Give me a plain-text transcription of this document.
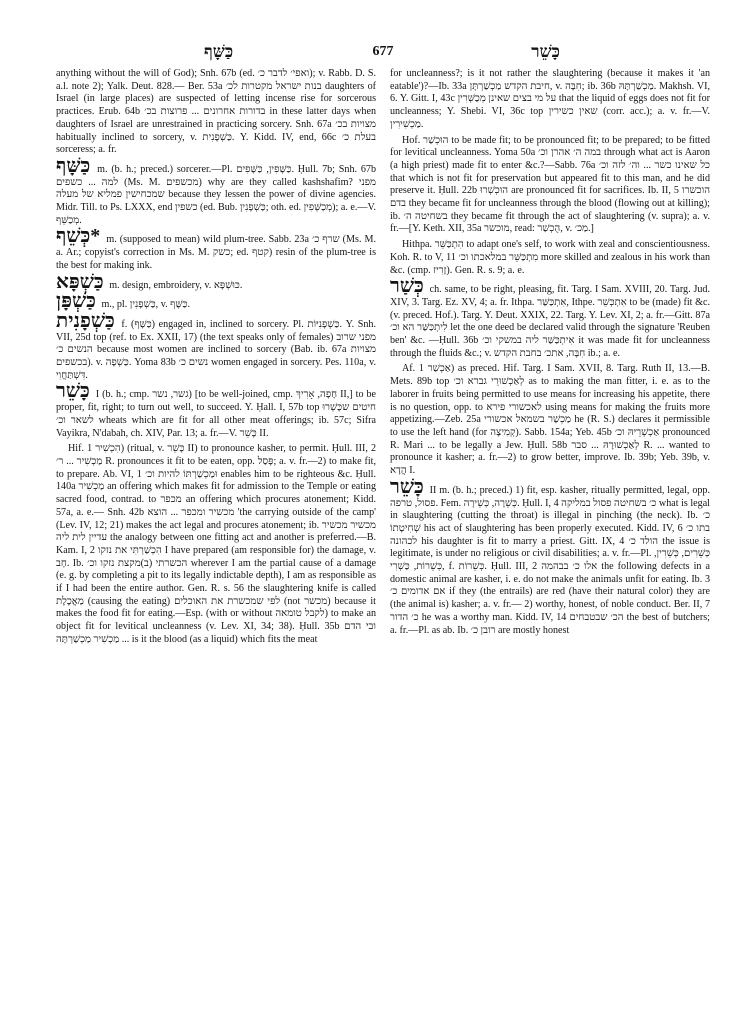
כַּשָּׁף	677	כָּשֵׁר

anything without the will of God); Snh. 67b (ed. ואפי׳ לדבר כ׳); v. Rabb. D. S. a.l. note 2); Yalk. Deut. 828.— Ber. 53a בנות ישראל מקטרות לכ׳ daughters of Israel (in large places) are suspected of letting incense rise for sorcerous practices. Erub. 64b בדורות אחרונים ... פרוצות בכ׳ in these latter days when daughters of Israel are unrestrained in practicing sorcery. Snh. 67a מצויות בכ׳ habitually inclined to sorcery, v. כַּשְׁפָנִית. Y. Kidd. IV, end, 66c בעלת כ׳ sorceress; a. fr.

כַּשָּׁף m. (b. h.; preced.) sorcerer.—Pl. כַּשָּׁפִין, כַּשָּׁפִים. Ḥull. 7b; Snh. 67b למה ... כשפים (Ms. M. מכשפים) why are they called kashshafim? מפני שמכחישין פמליא של מעלה because they lessen the power of divine agencies. Midr. Till. to Ps. LXXX, end כשפין (ed. Bub. כַּשְׁפָנִין; oth. ed. מְכַשְּׁפִין); a. e.—V. מְכַשֵּׁף.

*כְּשֵׁף m. (supposed to mean) wild plum-tree. Sabb. 23a שרף כ׳ (Ms. M. a. Ar.; copyist's correction in Ms. M. כשק; ed. קטף) resin of the plum-tree is the best for making ink.

כַּשְׁפָּא m. design, embroidery, v. כּוּשְׁפָּא.

כַּשְׁפָּן m., pl. כַּשְׁפָנִין, v. כַּשָּׁף.

כַּשְׁפָנִית f. (כַּשָּׁף) engaged in, inclined to sorcery. Pl. כַּשְׁפָנִיּוֹת. Y. Snh. VII, 25d top (ref. to Ex. XXII, 17) (the text speaks only of females) מפני שרוב הנשים כ׳ because most women are inclined to sorcery (Bab. ib. 67a מצויות בכשפים). v. כַּשְׁפָה. Yoma 83b נשים כ׳ women engaged in sorcery. Pes. 110a, v. דִּשְׁתַּחֲוִי.

כָּשֵׁר I (b. h.; cmp. גשר, נשר) [to be well-joined, cmp. חָפָה, אָרִיךְ II,] to be proper, fit, right; to turn out well, to succeed. Y. Ḥall. I, 57b top חיטים שכָּשְׁרוּ לשאר וכ׳ wheats which are fit for all other meat offerings; ib. 57c; Sifra Vayikra, N'dabah, ch. XIV, Par. 13; a. fr.—V. כָּשֵׁר II.

Hif. הִכְשִׁיר 1) (ritual, v. כָּשֵׁר II) to pronounce kasher, to permit. Ḥull. III, 2 מַכְשִׁיר ... ר׳ R. pronounces it fit to be eaten, opp. פָּסַל; a. v. fr.—2) to make fit, to prepare. Ab. VI, 1 וּמַכְשַׁרְתּוֹ להיות וכ׳ enables him to be righteous &c. Ḥull. 140a מַכְשִׁיר an offering which makes fit for admission to the Temple or eating sacred food, contrad. to מכפר an offering which procures atonement; Kidd. 57a, a. e.— Snh. 42b מכשיר ומכפר ... הוצא 'the carrying outside of the camp' (Lev. IV, 12; 21) makes the act legal and procures atonement; ib. מכשיר מכשיר עדיין לית ליה the analogy between one fitting act and another is preferred.—B. Kam. I, 2 הִכְשַׁרְתִּי את נזקו I have prepared (am responsible for) the damage, v. חָב. Ib. הכשרתי (ב)מקצת נזקו וכ׳ wherever I am the partial cause of a damage (e. g. by completing a pit to its legally indictable depth), I am as responsible as if I had been the entire author. Gen. R. s. 56 the slaughtering knife is called מַאֲכֶלֶת (causing the eating) לפי שמכשרת את האוכלים (not מכשר) because it makes the food fit for eating.—Esp. (with or without לקבל טומאה) to make an object fit for levitical uncleanness (v. Lev. XI, 34; 38). Ḥull. 35b ובי הדם מַכְשִׁיר מַכְשַׁרְתָּה ... is it the blood (as a liquid) which fits the meat

for uncleanness?; is it not rather the slaughtering (because it makes it 'an eatable')?—Ib. 33a חיבת הקדש מַכְשַׁרְתָּן, v. חִבָּה; ib. 36b מַכְשַׁרְתָּהּ. Makhsh. VI, 6. Y. Gitt. I, 43c על מי בצים שאינן מְכַשְּׁרִין that the liquid of eggs does not fit for uncleanness; Y. Shebi. VI, 36c top שאין כשירין (corr. acc.); a. v. fr.—V. מַכְשִׁירִין.

Hof. הוּכְשַׁר to be made fit; to be pronounced fit; to be prepared; to be fitted for levitical uncleanness. Yoma 50a במה ה׳ אהרן וכ׳ through what act is Aaron (a high priest) made fit to enter &c.?—Sabb. 76a כל שאינו כשר ... וה׳ לזה וכ׳ that which is not fit for preservation but appeared fit to this man, and he did preserve it. Ḥull. 22b הוּכְשְׁרוּ are pronounced fit for sacrifices. Ib. II, 5 הוכשרו בדם they became fit for uncleanness through the blood (flowing out at killing); ib. בשחיטה ה׳ they became fit through the act of slaughtering (v. supra); a. v. fr.—[Y. Keth. XII, 35a מוכשר, read: הֻכְשַׁר, v. מַכ׳.]

Hithpa. הִתְכַּשֵּׁר to adapt one's self, to work with zeal and conscientiousness. Koh. R. to V, 11 מִתְכַּשֵּׁר במלאכתו וכ׳ more skilled and zealous in his work than &c. (cmp. זָרִיז). Gen. R. s. 9; a. e.

כְּשַׁר ch. same, to be right, pleasing, fit. Targ. I Sam. XVIII, 20. Targ. Jud. XIV, 3. Targ. Ez. XV, 4; a. fr. Ithpa. אִתְכַּשַּׁר, Ithpe. אִתְכְּשֵׁר to be (made) fit &c. (v. preced. Hof.). Targ. Y. Deut. XXIX, 22. Targ. Y. Lev. XI, 2; a. fr.—Gitt. 87a לִיתְכַּשַּׁר הא וכ׳ let the one deed be declared valid through the signature 'Reuben ben' &c. —Ḥull. 36b אִיתְכַּשַּׁר ליה במשקי וכ׳ it was made fit for uncleanness through the fluids &c.; v. חִבָּה, אתכ׳ בחבת הקדש ib.; a. e.

Af. אַכְשַׁר 1) as preced. Hif. Targ. I Sam. XVII, 8. Targ. Ruth II, 13.—B. Mets. 89b top לְאַכְשׁוּרֵי גברא וכ׳ as to making the man fitter, i. e. as to the laborer in fruits being permitted to use means for increasing his appetite, there is no question, opp. to לאכשורי פירא using means for making the fruits more appetizing.—Zeb. 25a מַכְשַׁר בשמאל אכשורי he (R. S.) declares it permissible to use the left hand (for קְמִיצָה). Sabb. 154a; Yeb. 45b אַכְשְׁרֵיהּ וכ׳ pronounced R. Mari ... to be legally a Jew. Ḥull. 58b לְאַכְשׁוּרָהּ ... סבר R. ... wanted to pronounce it kasher; a. fr.—2) to grow better, improve. Ib. 39b; Yeb. 39b, v. הֲדָא I.

כָּשֵׁר II m. (b. h.; preced.) 1) fit, esp. kasher, ritually permitted, legal, opp. פסול, טרפה. Fem. כְּשֵׁרָה, כְּשֵׁירָה. Ḥull. I, 4 כ׳ בשחיטה פסול במליקה what is legal in slaughtering (cutting the throat) is illegal in pinching (the neck). Ib. כ׳ שְׁחִיטָתוֹ his act of slaughtering has been properly executed. Kidd. IV, 6 בתו כ׳ לכהונה his daughter is fit to marry a priest. Gitt. IX, 4 הולד כ׳ the issue is legitimate, is under no religious or civil disabilities; a. v. fr.—Pl. כְּשֵׁרִים, כְּשֵׁרִין, כְּשֵׁרוֹת, כַּשְׁרִי, f. כְּשֵׁרוֹת. Ḥull. III, 2 אלו כ׳ בבהמה the following defects in a domestic animal are kasher, i. e. do not make the animals unfit for eating. Ib. 3 אם אדומים כ׳ if they (the entrails) are red (have their natural color) they are (the animal is) kasher; a. v. fr.— 2) worthy, honest, of noble conduct. Ber. II, 7 כ׳ הדור he was a worthy man. Kidd. IV, 14 הכ׳ שבטבחים the best of butchers; a. fr.—Pl. as ab. Ib. רובן כ׳ are mostly honest
